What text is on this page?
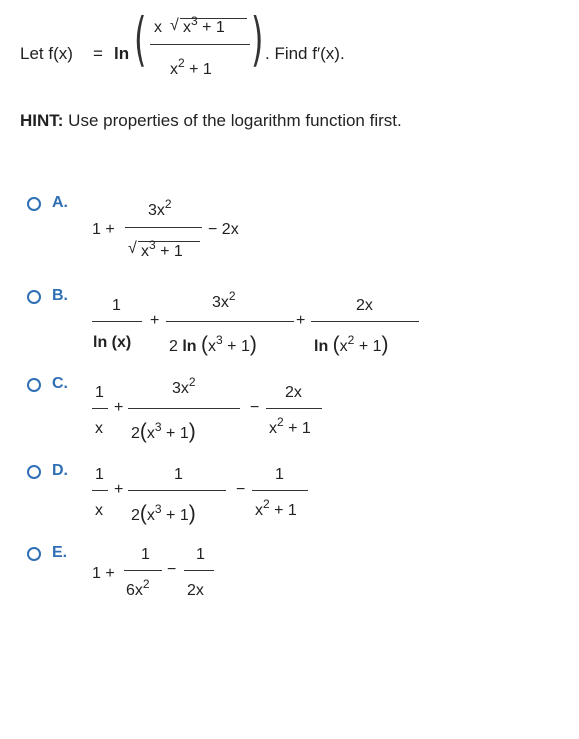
Let f(x) = ln ( x √ $x^3 + 1$
$x^2 + 1$ ) . Find f′(x).
HINT: Use properties of the logarithm function first.
A.
1 +
$3x^2$
√ $x^3 + 1$
− 2x
B.
1
ln (x)
+
$3x^2$
2 $\ln (x^3 + 1)$
+
2x
$\ln (x^2 + 1)$
C.
1
x
+
$3x^2$
$2(x^3 + 1)$
−
2x
$x^2 + 1$
D. 1
x
+
1
$2(x^3 + 1)$
−
1
$x^2 + 1$
E.
1 +
1
$6x^2$
−
1
2x
